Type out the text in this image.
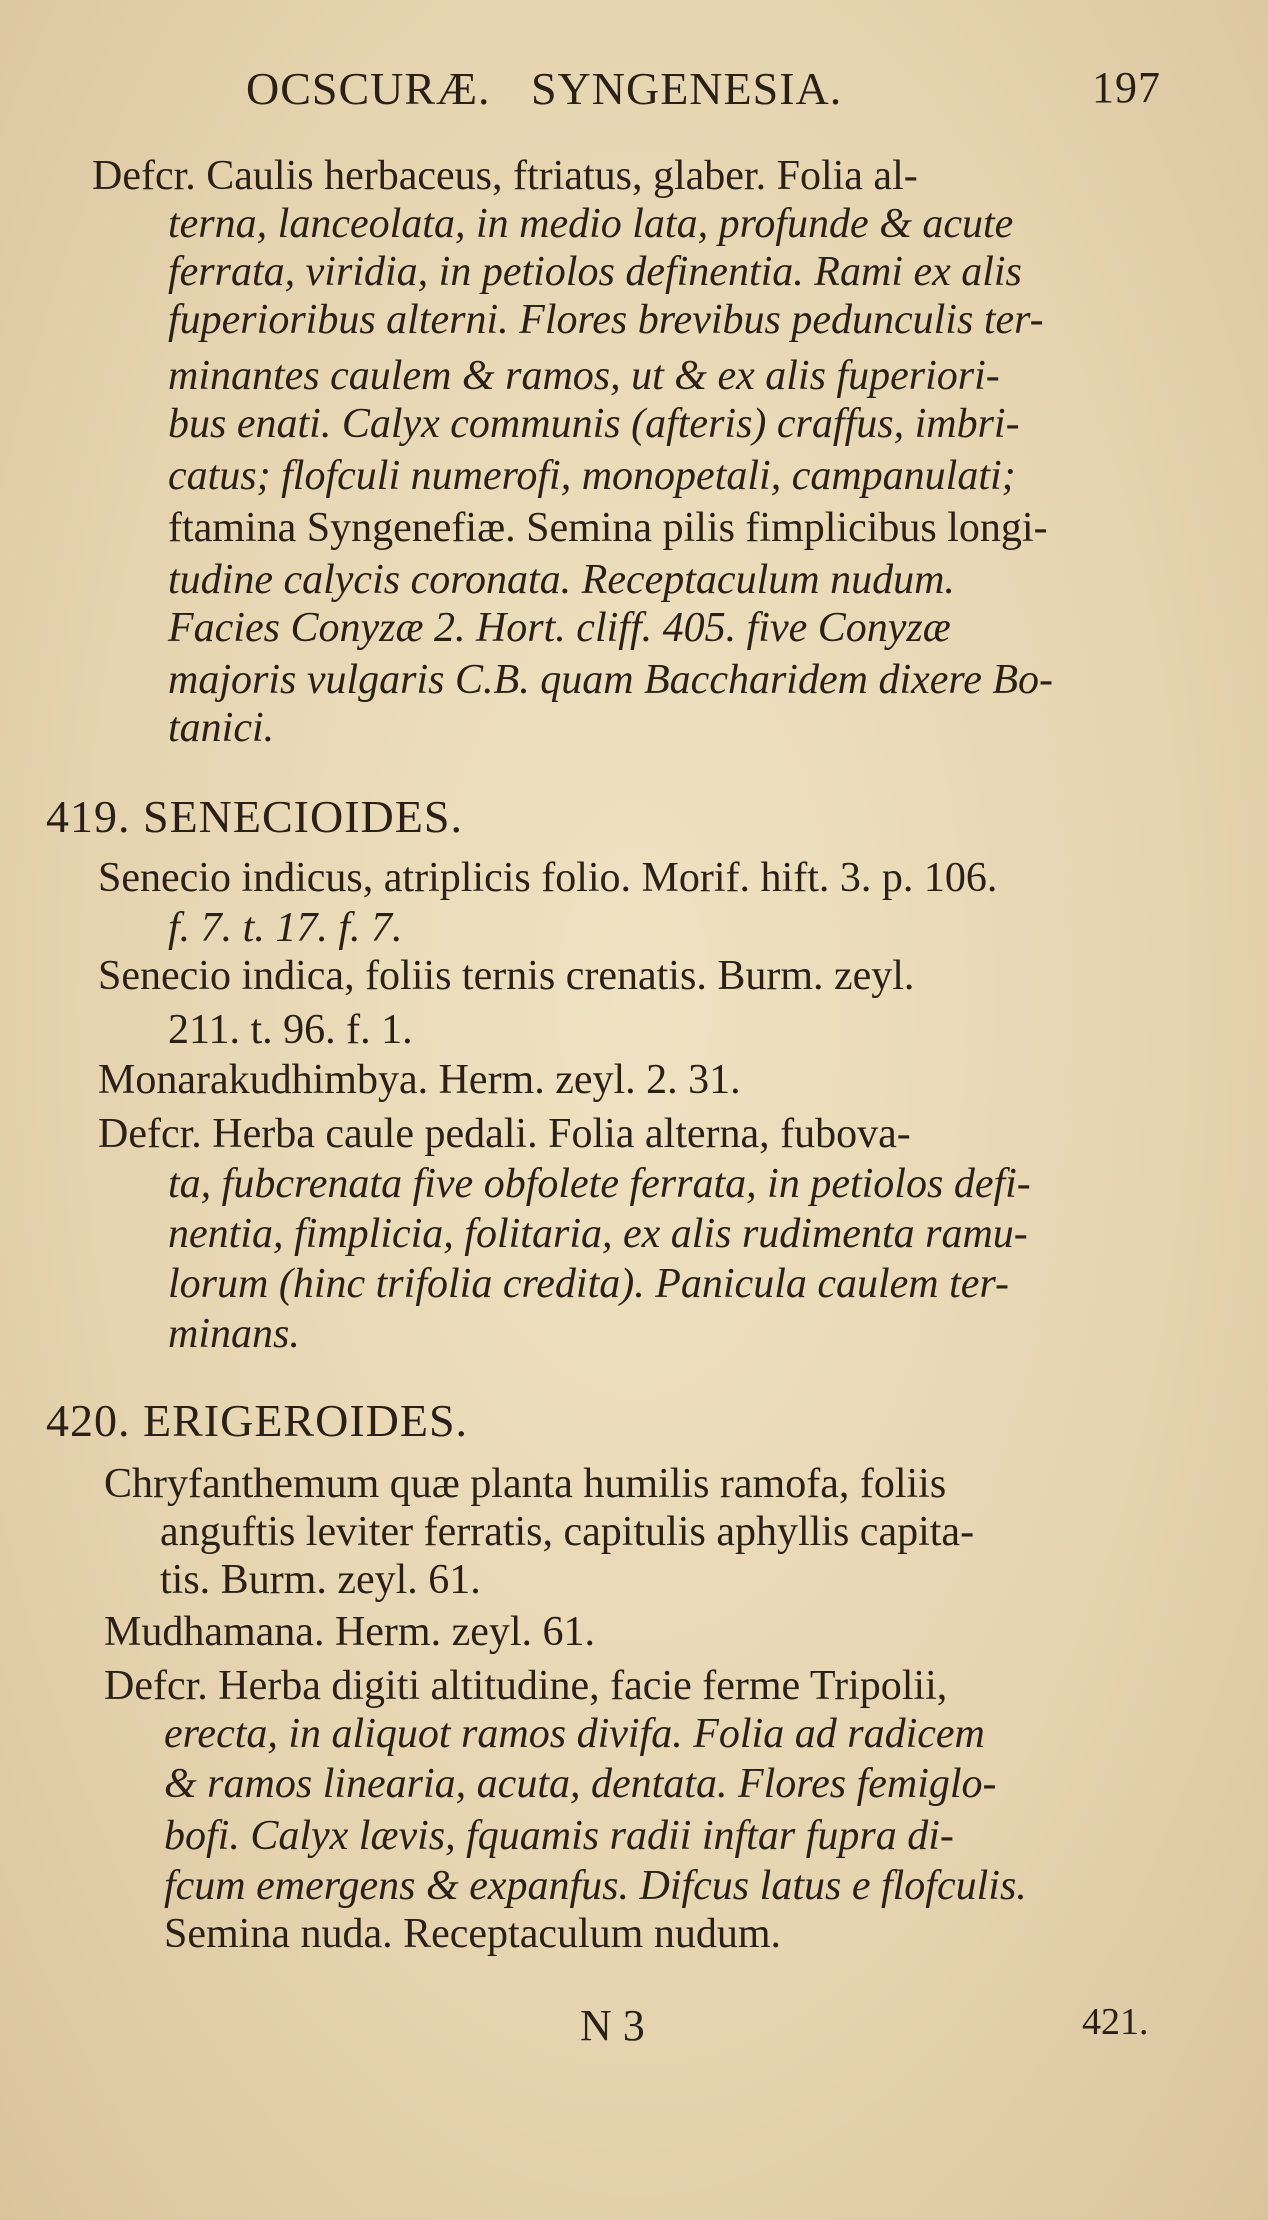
OCSCURÆ. SYNGENESIA.	197
Defcr. Caulis herbaceus, ftriatus, glaber. Folia al-
terna, lanceolata, in medio lata, profunde & acute
ferrata, viridia, in petiolos definentia. Rami ex alis
fuperioribus alterni. Flores brevibus pedunculis ter-
minantes caulem & ramos, ut & ex alis fuperiori-
bus enati. Calyx communis (afteris) craffus, imbri-
catus; flofculi numerofi, monopetali, campanulati;
ftamina Syngenefiæ. Semina pilis fimplicibus longi-
tudine calycis coronata. Receptaculum nudum.
Facies Conyzæ 2. Hort. cliff. 405. five Conyzæ
majoris vulgaris C.B. quam Baccharidem dixere Bo-
tanici.
419. SENECIOIDES.
Senecio indicus, atriplicis folio. Morif. hift. 3. p. 106.
f. 7. t. 17. f. 7.
Senecio indica, foliis ternis crenatis. Burm. zeyl.
211. t. 96. f. 1.
Monarakudhimbya. Herm. zeyl. 2. 31.
Defcr. Herba caule pedali. Folia alterna, fubova-
ta, fubcrenata five obfolete ferrata, in petiolos defi-
nentia, fimplicia, folitaria, ex alis rudimenta ramu-
lorum (hinc trifolia credita). Panicula caulem ter-
minans.
420. ERIGEROIDES.
Chryfanthemum quæ planta humilis ramofa, foliis
anguftis leviter ferratis, capitulis aphyllis capita-
tis. Burm. zeyl. 61.
Mudhamana. Herm. zeyl. 61.
Defcr. Herba digiti altitudine, facie ferme Tripolii,
erecta, in aliquot ramos divifa. Folia ad radicem
& ramos linearia, acuta, dentata. Flores femiglo-
bofi. Calyx lævis, fquamis radii inftar fupra di-
fcum emergens & expanfus. Difcus latus e flofculis.
Semina nuda. Receptaculum nudum.
N 3	421.
